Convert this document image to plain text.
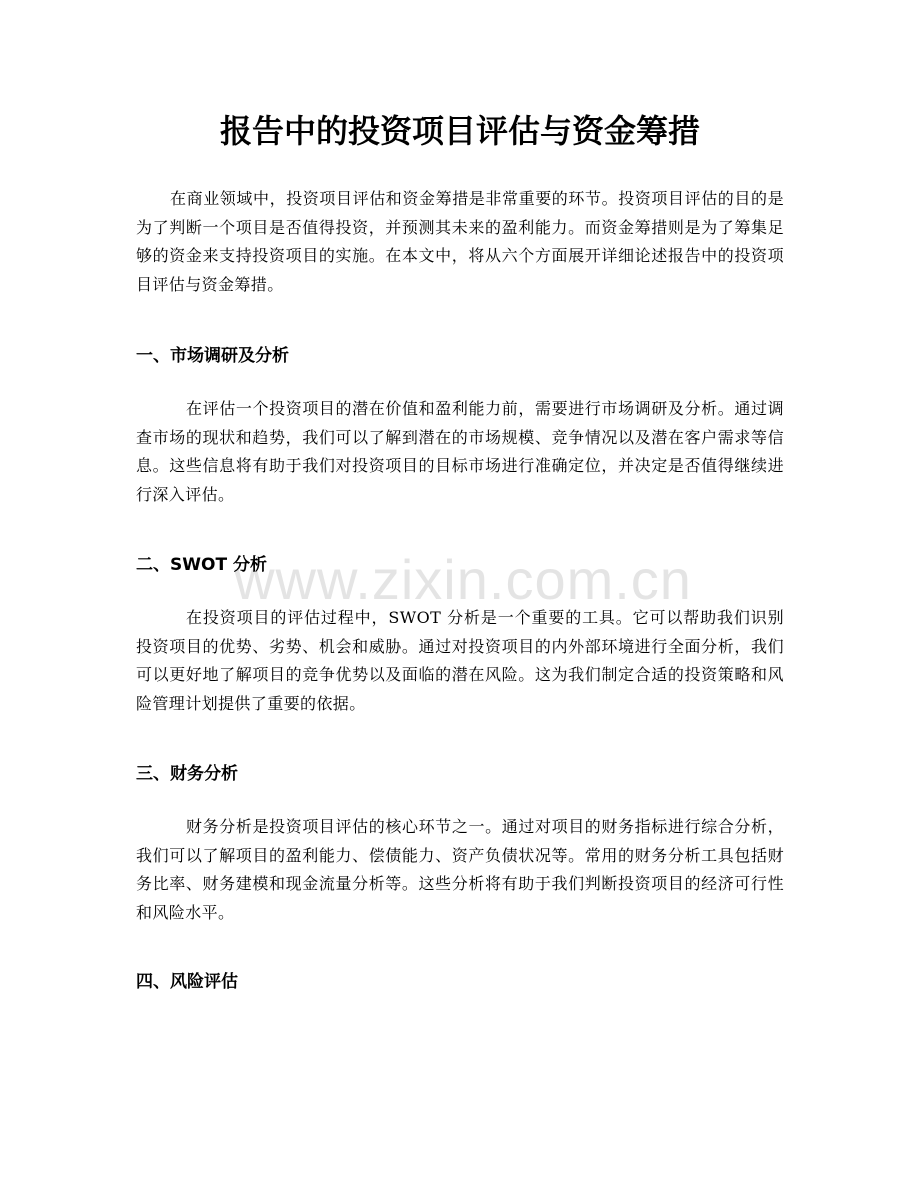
www.zixin.com.cn
报告中的投资项目评估与资金筹措

在商业领域中，投资项目评估和资金筹措是非常重要的环节。投资项目评估的目的是为了判断一个项目是否值得投资，并预测其未来的盈利能力。而资金筹措则是为了筹集足够的资金来支持投资项目的实施。在本文中，将从六个方面展开详细论述报告中的投资项目评估与资金筹措。

一、市场调研及分析

在评估一个投资项目的潜在价值和盈利能力前，需要进行市场调研及分析。通过调查市场的现状和趋势，我们可以了解到潜在的市场规模、竞争情况以及潜在客户需求等信息。这些信息将有助于我们对投资项目的目标市场进行准确定位，并决定是否值得继续进行深入评估。

二、SWOT 分析

在投资项目的评估过程中，SWOT 分析是一个重要的工具。它可以帮助我们识别投资项目的优势、劣势、机会和威胁。通过对投资项目的内外部环境进行全面分析，我们可以更好地了解项目的竞争优势以及面临的潜在风险。这为我们制定合适的投资策略和风险管理计划提供了重要的依据。

三、财务分析

财务分析是投资项目评估的核心环节之一。通过对项目的财务指标进行综合分析，我们可以了解项目的盈利能力、偿债能力、资产负债状况等。常用的财务分析工具包括财务比率、财务建模和现金流量分析等。这些分析将有助于我们判断投资项目的经济可行性和风险水平。

四、风险评估
